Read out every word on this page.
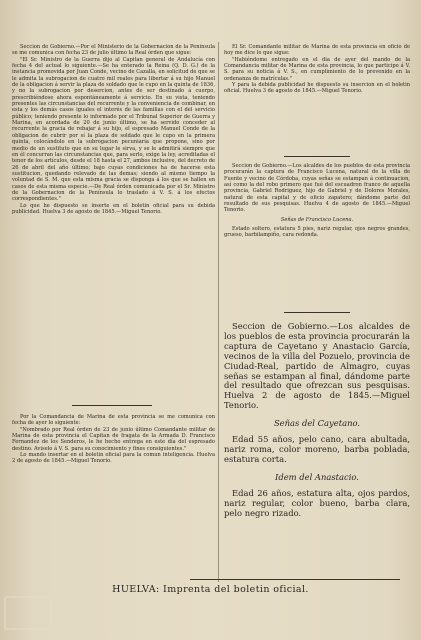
Seccion de Gobierno.—Por el Ministerio de la Gobernacion de la Peninsula se me comunica con fecha 23 de julio último la Real órden que sigue:

"El Sr. Ministro de la Guerra dijo al Capitan general de Andalucía con fecha 4 del actual lo siguiente.—Se ha enterado la Reina (Q. D. G.) de la instancia promovida por Juan Conde, vecino de Cazalla, en solicitud de que se le admita la subrogacion de cuatro mil reales para libertar á su hijo Manuel de la obligacion á servir la plaza de soldado que le cupo en la quinta de 1836, y no la subrogacion por desercion, antes de ser destinado á cuerpo, prescribiéndose ahora espontáneamente á servicio. En su vista, teniendo presentes las circunstancias del recurrente y la conveniencia de combinar, en esta y los demás casos iguales el interés de las familias con el del servicio público; teniendo presente lo informado por el Tribunal Superior de Guerra y Marina, en acordada de 20 de junio último, se ha servido conceder al recurrente la gracia de rebajar á su hijo, el espresado Manuel Conde de la obligacion de cubrir por sí la plaza de soldado que le cupo en la primera quinta, colocándolo en la subrogacion pecuniaria que propone, sino por medio de un sustituto que en su lugar le sirva, y se le admitirá siempre que en él concurran las circunstancias que, para serlo, exige la ley, acreditadas el tenor de los artículos, desde el 18 hasta el 27, ambos inclusive, del decreto de 26 de abril del año último; bajo cuyas condiciones ha de hacerse esta sustitucion, quedando relevado de las demas; siendo al mismo tiempo la voluntad de S. M. que esta misma gracia se disponga á los que se hallen en casos de esta misma especie.—De Real órden comunicada por el Sr. Ministro de la Gobernacion de la Península lo traslado á V. S. á los efectos correspondientes."

Lo que he dispuesto se inserte en el boletin oficial para su debida publicidad. Huelva 3 de agosto de 1845.—Miguel Tenorio.

Por la Comandancia de Marina de esta provincia se me comunica con fecha de ayer lo siguiente:

"Nombrado por Real órden de 23 de junio último Comandante militar de Marina de esta provincia el Capitan de fragata de la Armada D. Francisco Fernandez de los Senderos, le he hecho entrega en este día del espresado destino. Aviselo á V. S. para su conocimiento y fines consiguientes."

Lo mando insertar en el boletin oficial para la comun inteligencia. Huelva 2 de agosto de 1845.—Miguel Tenorio.

El Sr. Comandante militar de Marina de esta provincia en oficio de hoy me dice lo que sigue:

"Habiéndome entregado en el dia de ayer del mando de la Comandancia militar de Marina de esta provincia, lo que participo á V. S. para su noticia á V. S., en cumplimiento de lo prevenido en la ordenanza de matrículas."

Y para la debida publicidad he dispuesto su insercion en el boletin oficial. Huelva 3 de agosto de 1845.—Miguel Tenorio.

Seccion de Gobierno.—Los alcaldes de los pueblos de esta provincia procurarán la captura de Francisco Lucena, natural de la villa de Fuente y vecino de Córdoba, cuyas señas se estampan á continuacion, así como la del robo primero que fué del escuadron franco de aquella provincia, Gabriel Rodriguez, hijo de Gabriel y de Dolores Morales, natural de esta capital y de oficio zapatero; dándome parte del resultado de sus pesquisas. Huelva 4 de agosto de 1845.—Miguel Tenorio.

Señas de Francisco Lucena.

Estado soltero, estatura 5 pies, nariz regular, ojos negros grandes, grueso, barbilampiño, cara redonda.

Seccion de Gobierno.—Los alcaldes de los pueblos de esta provincia procurarán la captura de Cayetano y Anastacio García, vecinos de la villa del Pozuelo, provincia de Ciudad-Real, partido de Almagro, cuyas señas se estampan al final, dándome parte del resultado que ofrezcan sus pesquisas. Huelva 2 de agosto de 1845.—Miguel Tenorio.

Señas del Cayetano.

Edad 55 años, pelo cano, cara abultada, nariz roma, color moreno, barba poblada, estatura corta.

Idem del Anastacio.

Edad 26 años, estatura alta, ojos pardos, nariz regular, color bueno, barba clara, pelo negro rizado.

HUELVA: Imprenta del boletin oficial.
